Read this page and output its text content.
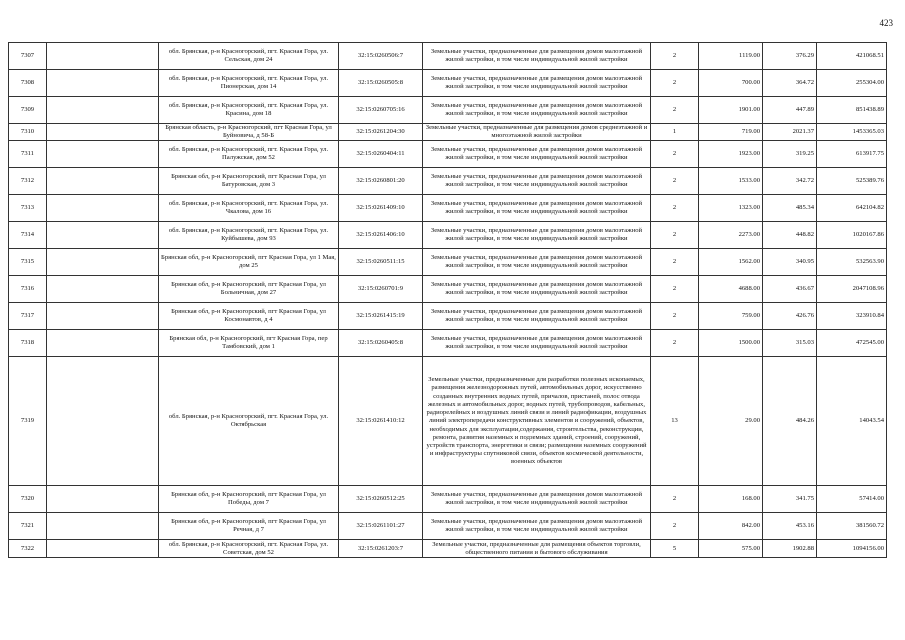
423
7307		обл. Брянская, р-н Красногорский, пгт. Красная Гора, ул. Сельская, дом 24	32:15:0260506:7	Земельные участки, предназначенные для размещения домов малоэтажной жилой застройки, в том числе индивидуальной жилой застройки	2	1119.00	376.29	421068.51
7308		обл. Брянская, р-н Красногорский, пгт. Красная Гора, ул. Пионерская, дом 14	32:15:0260505:8	Земельные участки, предназначенные для размещения домов малоэтажной жилой застройки, в том числе индивидуальной жилой застройки	2	700.00	364.72	255304.00
7309		обл. Брянская, р-н Красногорский, пгт. Красная Гора, ул. Красина, дом 18	32:15:0260705:16	Земельные участки, предназначенные для размещения домов малоэтажной жилой застройки, в том числе индивидуальной жилой застройки	2	1901.00	447.89	851438.89
7310		Брянская область, р-н Красногорский, пгт Красная Гора, ул Буйновича, д 58-Б	32:15:0261204:30	Земельные участки, предназначенные для размещения домов среднеэтажной и многоэтажной жилой застройки	1	719.00	2021.37	1453365.03
7311		обл. Брянская, р-н Красногорский, пгт. Красная Гора, ул. Палужская, дом 52	32:15:0260404:11	Земельные участки, предназначенные для размещения домов малоэтажной жилой застройки, в том числе индивидуальной жилой застройки	2	1923.00	319.25	613917.75
7312		Брянская обл, р-н Красногорский, пгт Красная Гора, ул Батуровская, дом 3	32:15:0260801:20	Земельные участки, предназначенные для размещения домов малоэтажной жилой застройки, в том числе индивидуальной жилой застройки	2	1533.00	342.72	525389.76
7313		обл. Брянская, р-н Красногорский, пгт. Красная Гора, ул. Чкалова, дом 16	32:15:0261409:10	Земельные участки, предназначенные для размещения домов малоэтажной жилой застройки, в том числе индивидуальной жилой застройки	2	1323.00	485.34	642104.82
7314		обл. Брянская, р-н Красногорский, пгт. Красная Гора, ул. Куйбышева, дом 93	32:15:0261406:10	Земельные участки, предназначенные для размещения домов малоэтажной жилой застройки, в том числе индивидуальной жилой застройки	2	2273.00	448.82	1020167.86
7315		Брянская обл, р-н Красногорский, пгт Красная Гора, ул 1 Мая, дом 25	32:15:0260511:15	Земельные участки, предназначенные для размещения домов малоэтажной жилой застройки, в том числе индивидуальной жилой застройки	2	1562.00	340.95	532563.90
7316		Брянская обл, р-н Красногорский, пгт Красная Гора, ул Больничная, дом 27	32:15:0260701:9	Земельные участки, предназначенные для размещения домов малоэтажной жилой застройки, в том числе индивидуальной жилой застройки	2	4688.00	436.67	2047108.96
7317		Брянская обл, р-н Красногорский, пгт Красная Гора, ул Космонавтов, д 4	32:15:0261415:19	Земельные участки, предназначенные для размещения домов малоэтажной жилой застройки, в том числе индивидуальной жилой застройки	2	759.00	426.76	323910.84
7318		Брянская обл, р-н Красногорский, пгт Красная Гора, пер Тамбовский, дом 1	32:15:0260405:8	Земельные участки, предназначенные для размещения домов малоэтажной жилой застройки, в том числе индивидуальной жилой застройки	2	1500.00	315.03	472545.00
7319		обл. Брянская, р-н Красногорский, пгт. Красная Гора, ул. Октябрьская	32:15:0261410:12	Земельные участки, предназначенные для разработки полезных ископаемых, размещения железнодорожных путей, автомобильных дорог, искусственно созданных внутренних водных путей, причалов, пристаней, полос отвода железных и автомобильных дорог, водных путей, трубопроводов, кабельных, радиорелейных и воздушных линий связи и линий радиофикации, воздушных линий электропередачи конструктивных элементов и сооружений, объектов, необходимых для эксплуатации,содержания, строительства, реконструкции, ремонта, развития наземных и подземных зданий, строений, сооружений, устройств транспорта, энергетики и связи; размещения наземных сооружений и инфраструктуры спутниковой связи, объектов космической деятельности, военных объектов	13	29.00	484.26	14043.54
7320		Брянская обл, р-н Красногорский, пгт Красная Гора, ул Победы, дом 7	32:15:0260512:25	Земельные участки, предназначенные для размещения домов малоэтажной жилой застройки, в том числе индивидуальной жилой застройки	2	168.00	341.75	57414.00
7321		Брянская обл, р-н Красногорский, пгт Красная Гора, ул Речная, д 7	32:15:0261101:27	Земельные участки, предназначенные для размещения домов малоэтажной жилой застройки, в том числе индивидуальной жилой застройки	2	842.00	453.16	381560.72
7322		обл. Брянская, р-н Красногорский, пгт. Красная Гора, ул. Советская, дом 52	32:15:0261203:7	Земельные участки, предназначенные для размещения объектов торговли, общественного питания и бытового обслуживания	5	575.00	1902.88	1094156.00
